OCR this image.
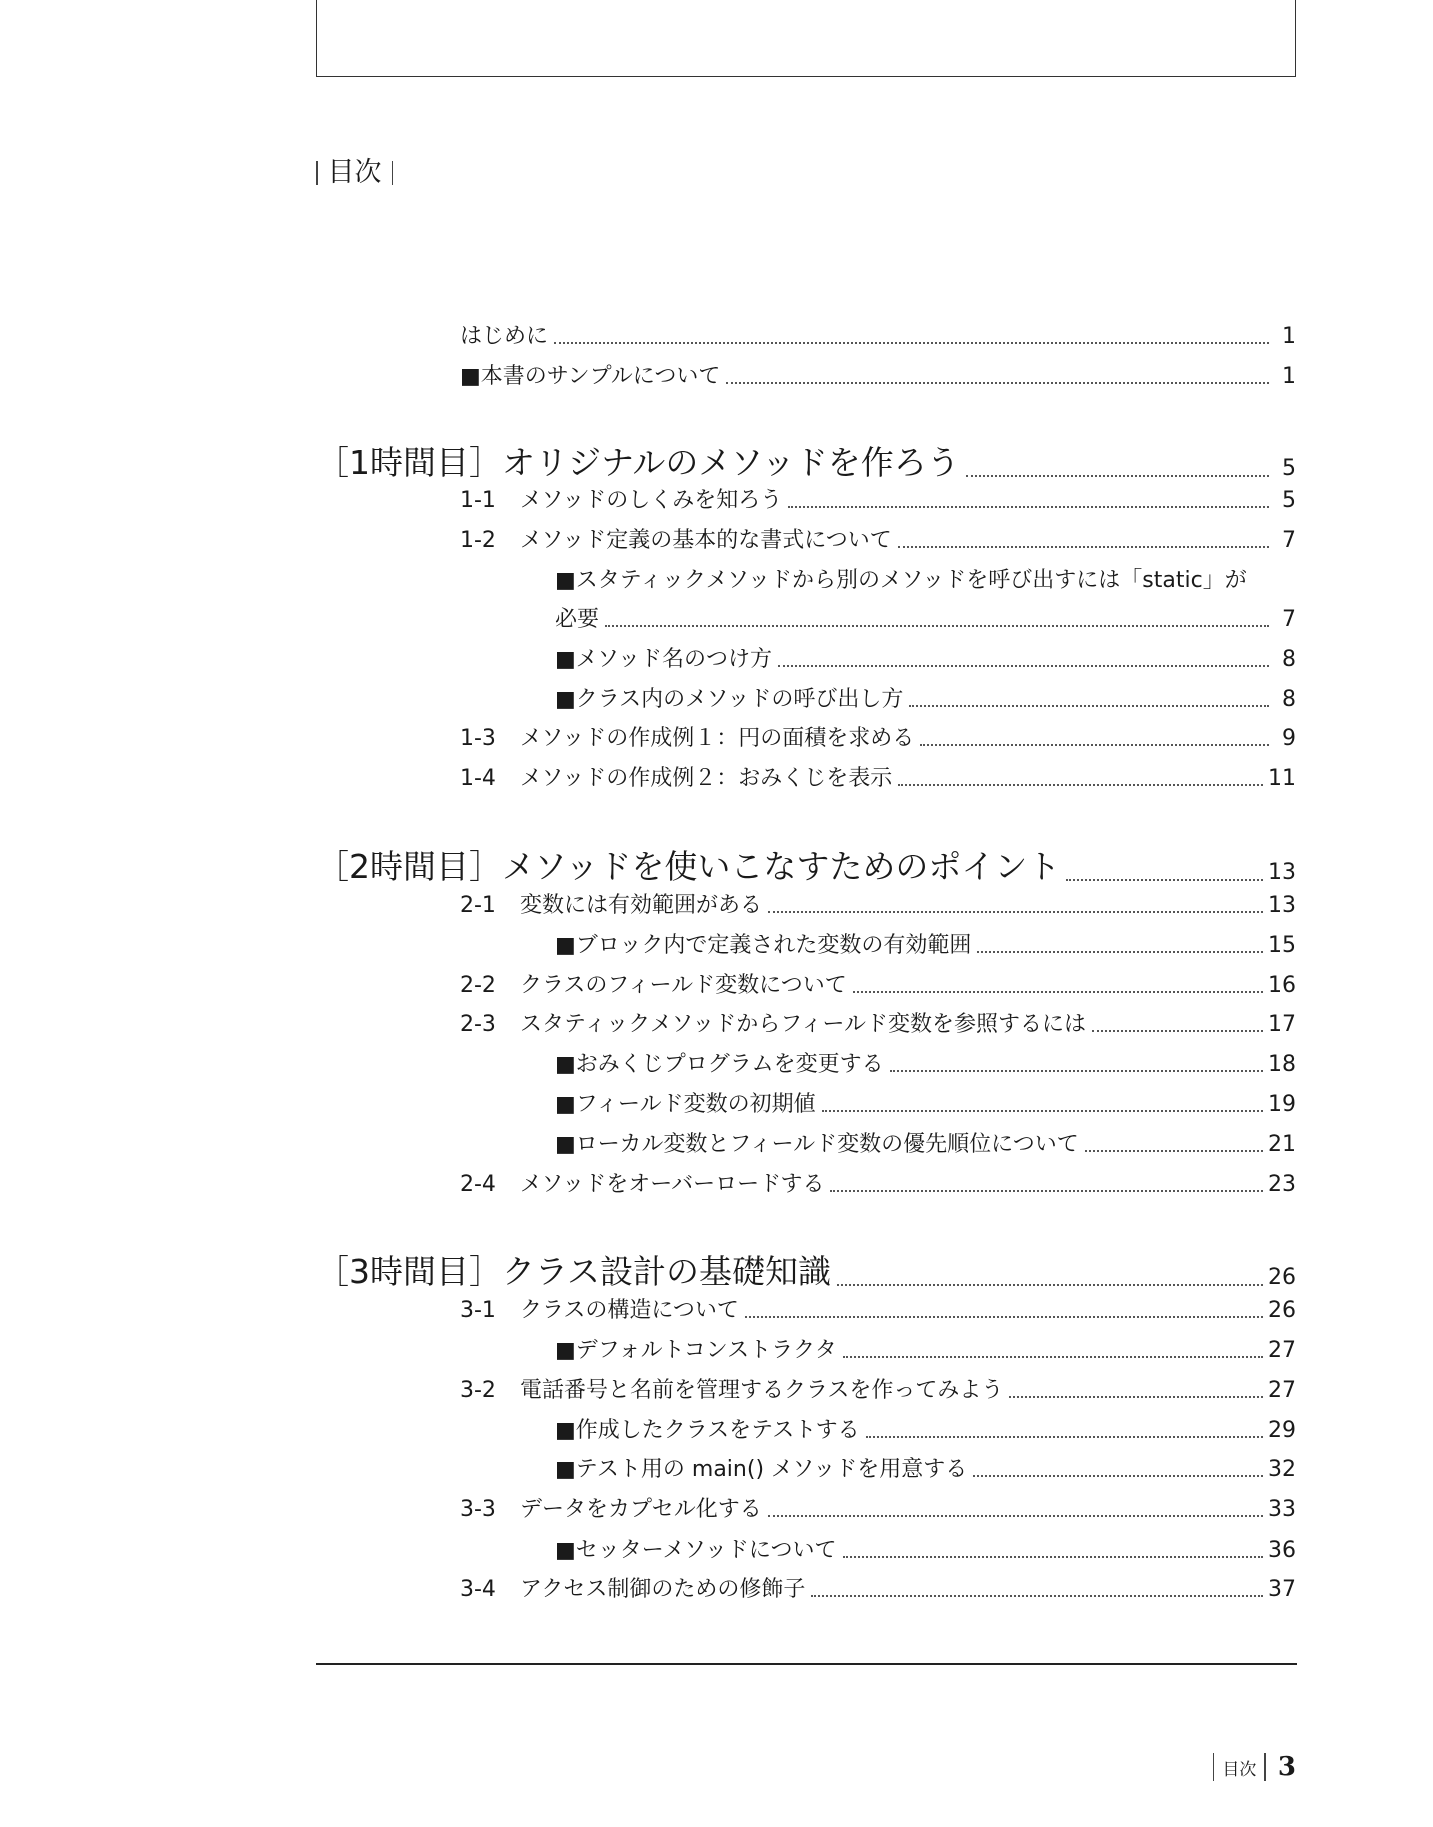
目次
はじめに	1
■本書のサンプルについて	1
［1時間目］オリジナルのメソッドを作ろう	5
1-1	メソッドのしくみを知ろう	5
1-2	メソッド定義の基本的な書式について	7
■スタティックメソッドから別のメソッドを呼び出すには「static」が
必要	7
■メソッド名のつけ方	8
■クラス内のメソッドの呼び出し方	8
1-3	メソッドの作成例１：円の面積を求める	9
1-4	メソッドの作成例２：おみくじを表示	11
［2時間目］メソッドを使いこなすためのポイント	13
2-1	変数には有効範囲がある	13
■ブロック内で定義された変数の有効範囲	15
2-2	クラスのフィールド変数について	16
2-3	スタティックメソッドからフィールド変数を参照するには	17
■おみくじプログラムを変更する	18
■フィールド変数の初期値	19
■ローカル変数とフィールド変数の優先順位について	21
2-4	メソッドをオーバーロードする	23
［3時間目］クラス設計の基礎知識	26
3-1	クラスの構造について	26
■デフォルトコンストラクタ	27
3-2	電話番号と名前を管理するクラスを作ってみよう	27
■作成したクラスをテストする	29
■テスト用の main() メソッドを用意する	32
3-3	データをカプセル化する	33
■セッターメソッドについて	36
3-4	アクセス制御のための修飾子	37
目次 3
